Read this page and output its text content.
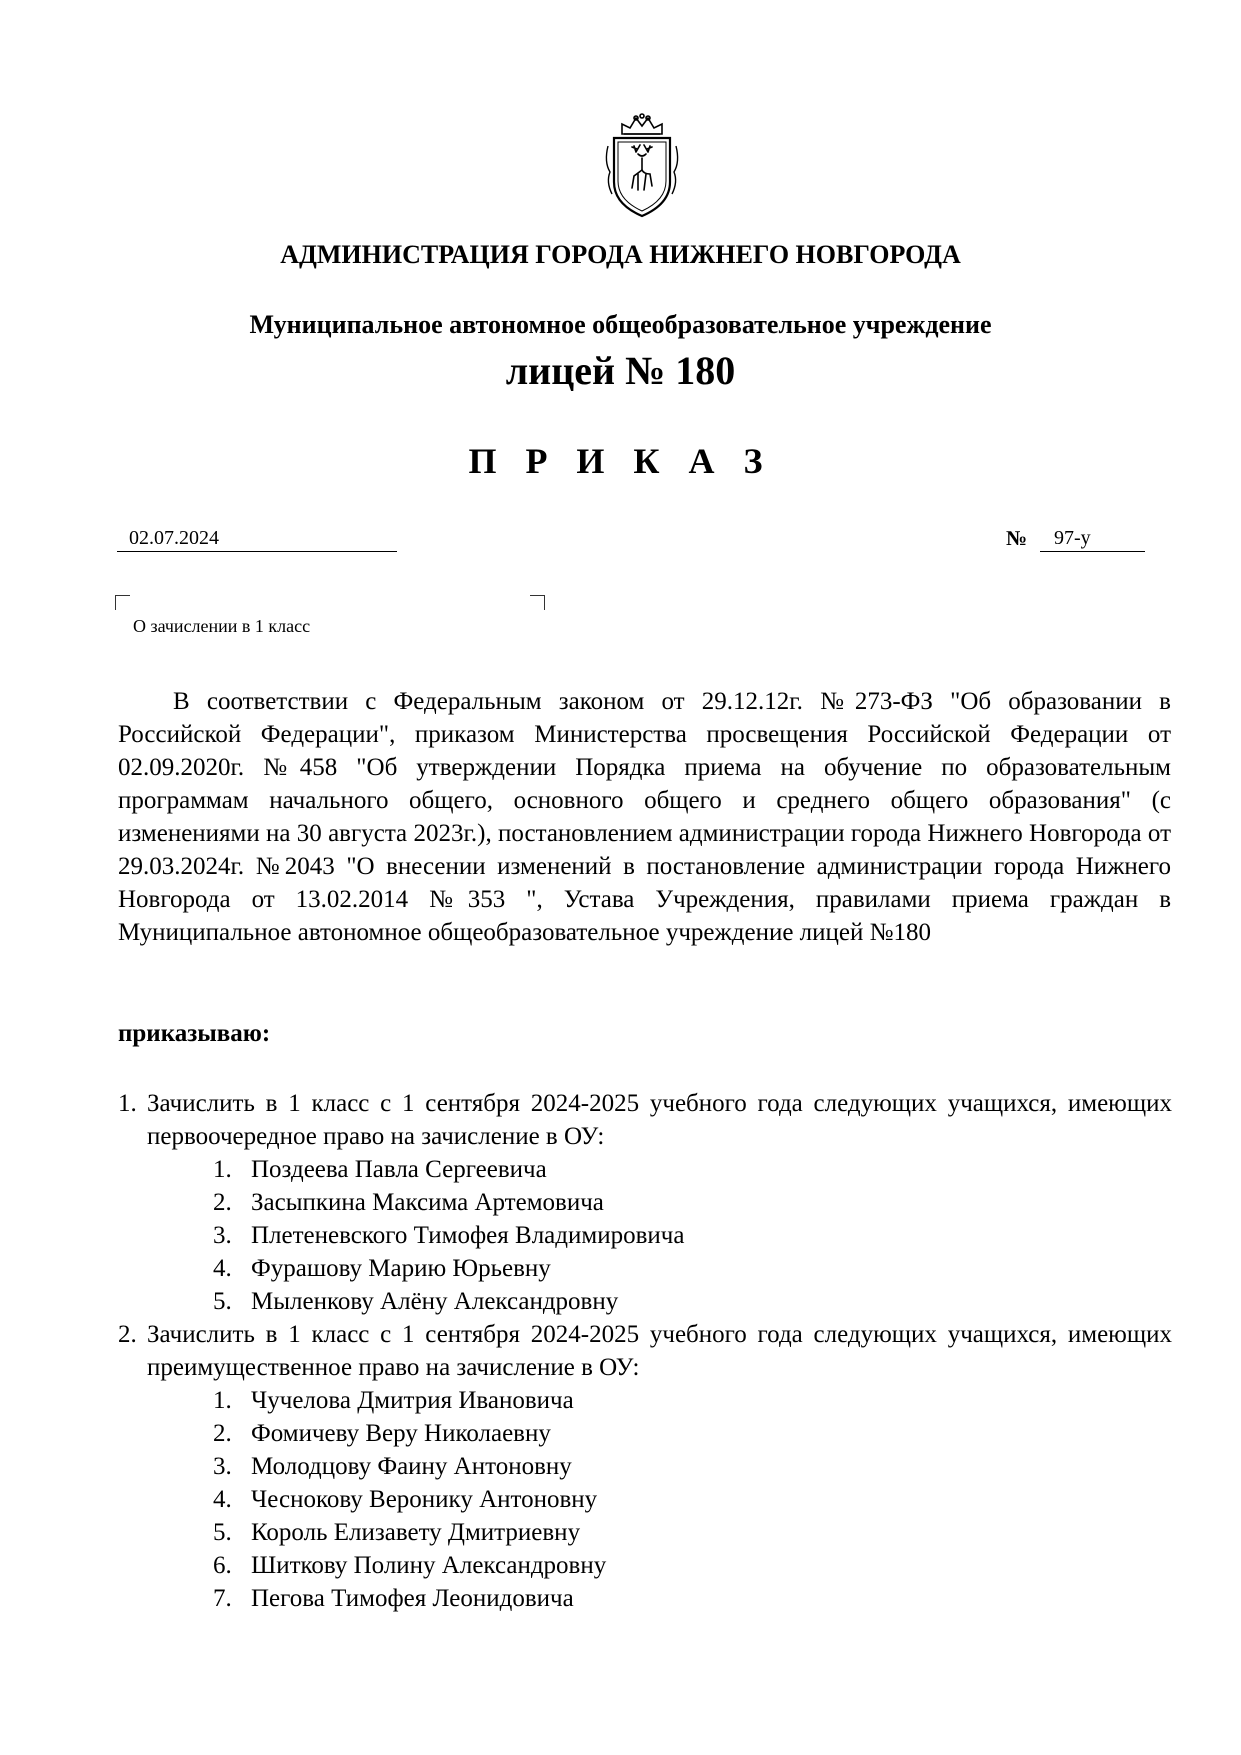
АДМИНИСТРАЦИЯ ГОРОДА НИЖНЕГО НОВГОРОДА
Муниципальное автономное общеобразовательное учреждение
лицей № 180
П Р И К А З
02.07.2024	№	97-у
О зачислении в 1 класс
В соответствии с Федеральным законом от 29.12.12г. №273-ФЗ "Об образовании в Российской Федерации", приказом Министерства просвещения Российской Федерации от 02.09.2020г. №458 "Об утверждении Порядка приема на обучение по образовательным программам начального общего, основного общего и среднего общего образования" (с изменениями на 30 августа 2023г.), постановлением администрации города Нижнего Новгорода от 29.03.2024г. №2043 "О внесении изменений в постановление администрации города Нижнего Новгорода от 13.02.2014 №353 ", Устава Учреждения, правилами приема граждан в Муниципальное автономное общеобразовательное учреждение лицей №180
приказываю:
1. Зачислить в 1 класс с 1 сентября 2024-2025 учебного года следующих учащихся, имеющих первоочередное право на зачисление в ОУ:
1. Поздеева Павла Сергеевича
2. Засыпкина Максима Артемовича
3. Плетеневского Тимофея Владимировича
4. Фурашову Марию Юрьевну
5. Мыленкову Алёну Александровну
2. Зачислить в 1 класс с 1 сентября 2024-2025 учебного года следующих учащихся, имеющих преимущественное право на зачисление в ОУ:
1. Чучелова Дмитрия Ивановича
2. Фомичеву Веру Николаевну
3. Молодцову Фаину Антоновну
4. Чеснокову Веронику Антоновну
5. Король Елизавету Дмитриевну
6. Шиткову Полину Александровну
7. Пегова Тимофея Леонидовича
